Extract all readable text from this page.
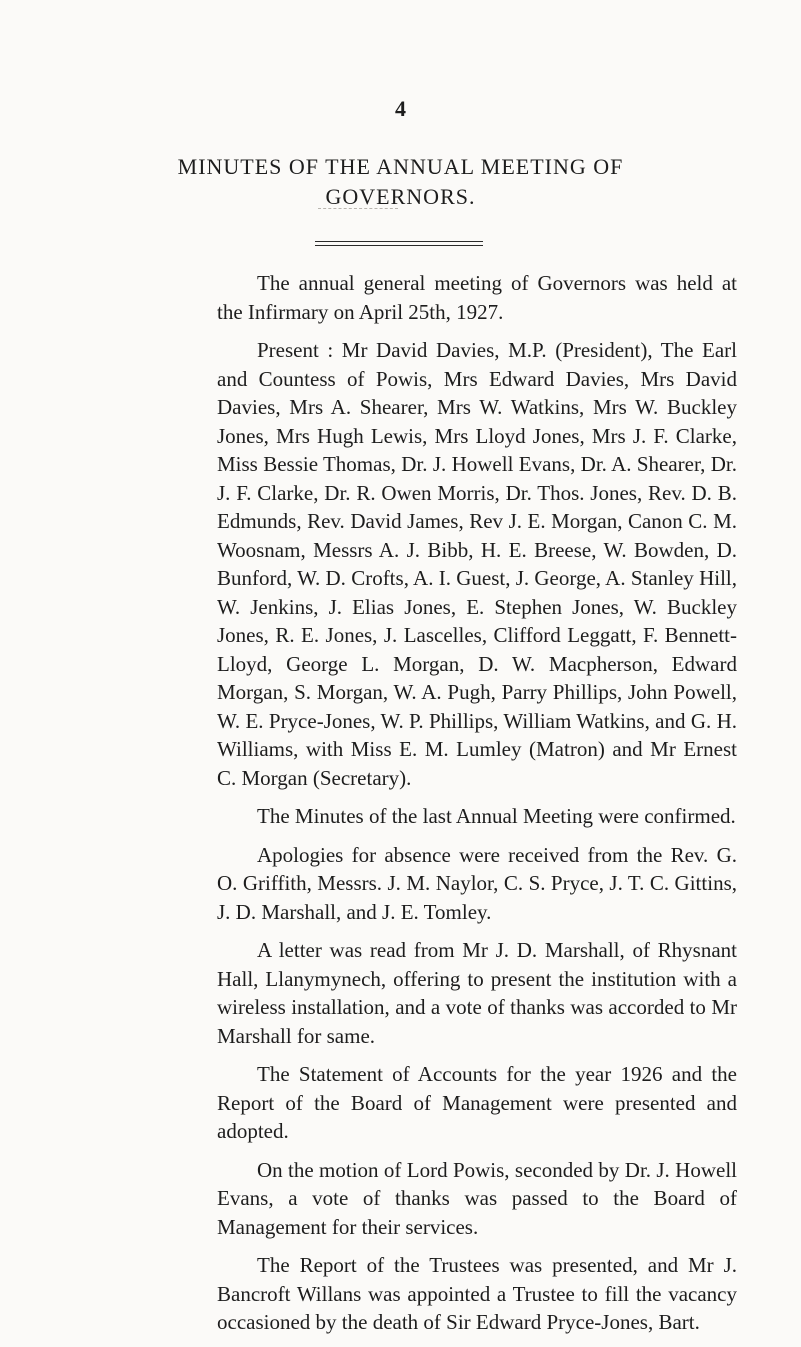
4
MINUTES OF THE ANNUAL MEETING OF
GOVERNORS.

The annual general meeting of Governors was held at the Infirmary on April 25th, 1927.

Present : Mr David Davies, M.P. (President), The Earl and Countess of Powis, Mrs Edward Davies, Mrs David Davies, Mrs A. Shearer, Mrs W. Watkins, Mrs W. Buckley Jones, Mrs Hugh Lewis, Mrs Lloyd Jones, Mrs J. F. Clarke, Miss Bessie Thomas, Dr. J. Howell Evans, Dr. A. Shearer, Dr. J. F. Clarke, Dr. R. Owen Morris, Dr. Thos. Jones, Rev. D. B. Edmunds, Rev. David James, Rev J. E. Morgan, Canon C. M. Woosnam, Messrs A. J. Bibb, H. E. Breese, W. Bowden, D. Bunford, W. D. Crofts, A. I. Guest, J. George, A. Stanley Hill, W. Jenkins, J. Elias Jones, E. Stephen Jones, W. Buckley Jones, R. E. Jones, J. Lascelles, Clifford Leggatt, F. Bennett-Lloyd, George L. Morgan, D. W. Macpherson, Edward Morgan, S. Morgan, W. A. Pugh, Parry Phillips, John Powell, W. E. Pryce-Jones, W. P. Phillips, William Watkins, and G. H. Williams, with Miss E. M. Lumley (Matron) and Mr Ernest C. Morgan (Secretary).

The Minutes of the last Annual Meeting were confirmed.

Apologies for absence were received from the Rev. G. O. Griffith, Messrs. J. M. Naylor, C. S. Pryce, J. T. C. Gittins, J. D. Marshall, and J. E. Tomley.

A letter was read from Mr J. D. Marshall, of Rhysnant Hall, Llanymynech, offering to present the institution with a wireless installation, and a vote of thanks was accorded to Mr Marshall for same.

The Statement of Accounts for the year 1926 and the Report of the Board of Management were presented and adopted.

On the motion of Lord Powis, seconded by Dr. J. Howell Evans, a vote of thanks was passed to the Board of Management for their services.

The Report of the Trustees was presented, and Mr J. Bancroft Willans was appointed a Trustee to fill the vacancy occasioned by the death of Sir Edward Pryce-Jones, Bart.
